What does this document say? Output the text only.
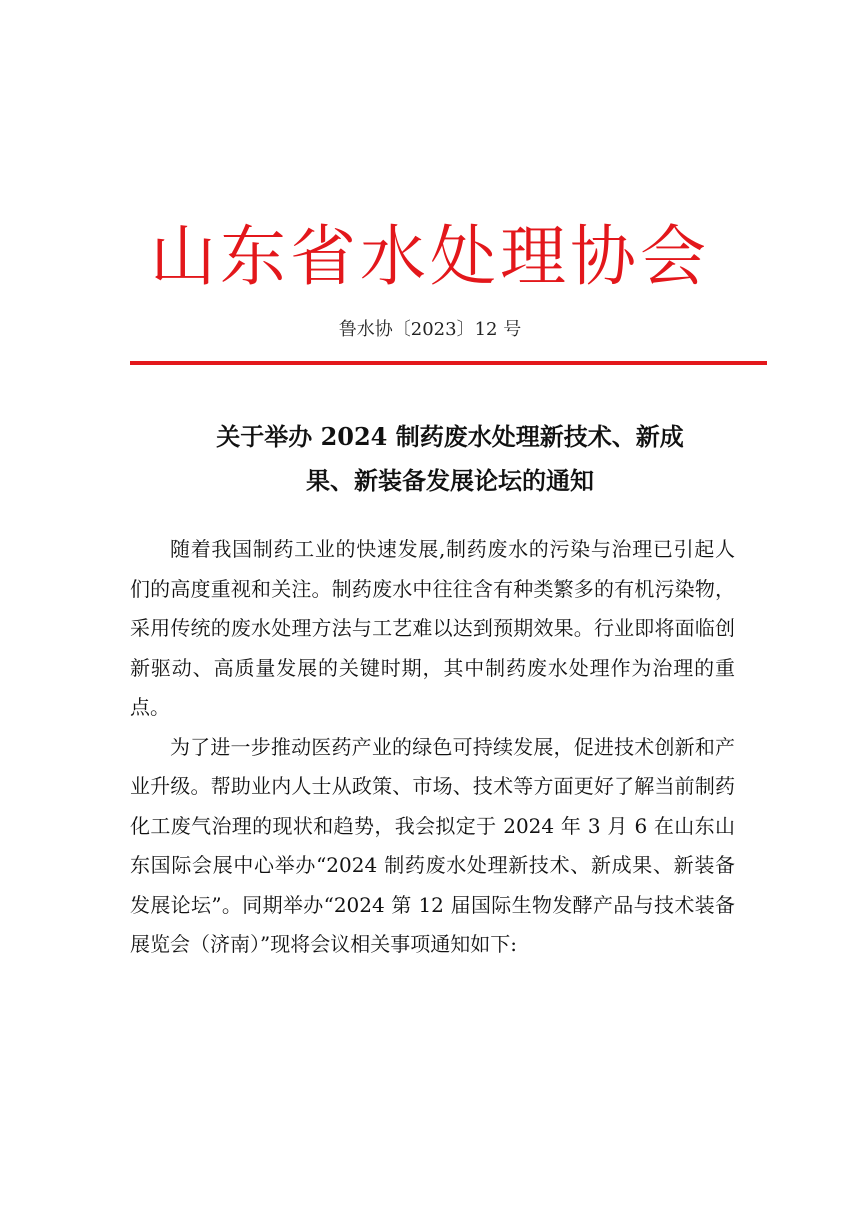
山东省水处理协会
鲁水协〔2023〕12 号
关于举办 2024 制药废水处理新技术、新成
果、新装备发展论坛的通知

随着我国制药工业的快速发展,制药废水的污染与治理已引起人们的高度重视和关注。制药废水中往往含有种类繁多的有机污染物，采用传统的废水处理方法与工艺难以达到预期效果。行业即将面临创新驱动、高质量发展的关键时期，其中制药废水处理作为治理的重点。

为了进一步推动医药产业的绿色可持续发展，促进技术创新和产业升级。帮助业内人士从政策、市场、技术等方面更好了解当前制药化工废气治理的现状和趋势，我会拟定于 2024 年 3 月 6 在山东山东国际会展中心举办“2024 制药废水处理新技术、新成果、新装备发展论坛”。同期举办“2024 第 12 届国际生物发酵产品与技术装备展览会（济南）”现将会议相关事项通知如下:
